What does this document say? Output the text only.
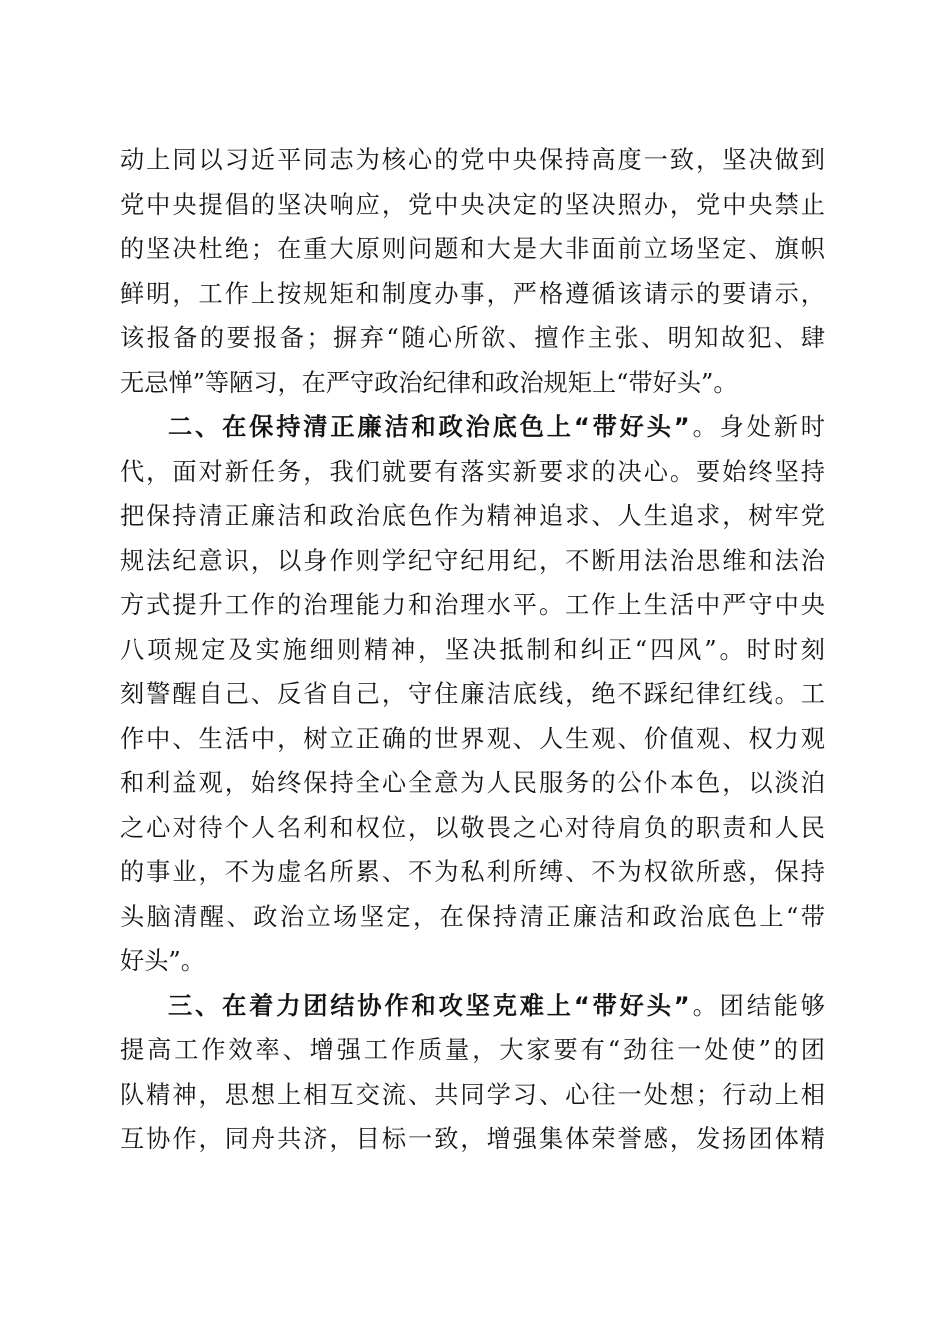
动上同以习近平同志为核心的党中央保持高度一致，坚决做到
党中央提倡的坚决响应，党中央决定的坚决照办，党中央禁止
的坚决杜绝；在重大原则问题和大是大非面前立场坚定、旗帜
鲜明，工作上按规矩和制度办事，严格遵循该请示的要请示，
该报备的要报备；摒弃“随心所欲、擅作主张、明知故犯、肆
无忌惮”等陋习，在严守政治纪律和政治规矩上“带好头”。
二、在保持清正廉洁和政治底色上“带好头”。身处新时
代，面对新任务，我们就要有落实新要求的决心。要始终坚持
把保持清正廉洁和政治底色作为精神追求、人生追求，树牢党
规法纪意识，以身作则学纪守纪用纪，不断用法治思维和法治
方式提升工作的治理能力和治理水平。工作上生活中严守中央
八项规定及实施细则精神，坚决抵制和纠正“四风”。时时刻
刻警醒自己、反省自己，守住廉洁底线，绝不踩纪律红线。工
作中、生活中，树立正确的世界观、人生观、价值观、权力观
和利益观，始终保持全心全意为人民服务的公仆本色，以淡泊
之心对待个人名利和权位，以敬畏之心对待肩负的职责和人民
的事业，不为虚名所累、不为私利所缚、不为权欲所惑，保持
头脑清醒、政治立场坚定，在保持清正廉洁和政治底色上“带
好头”。
三、在着力团结协作和攻坚克难上“带好头”。团结能够
提高工作效率、增强工作质量，大家要有“劲往一处使”的团
队精神，思想上相互交流、共同学习、心往一处想；行动上相
互协作，同舟共济，目标一致，增强集体荣誉感，发扬团体精
